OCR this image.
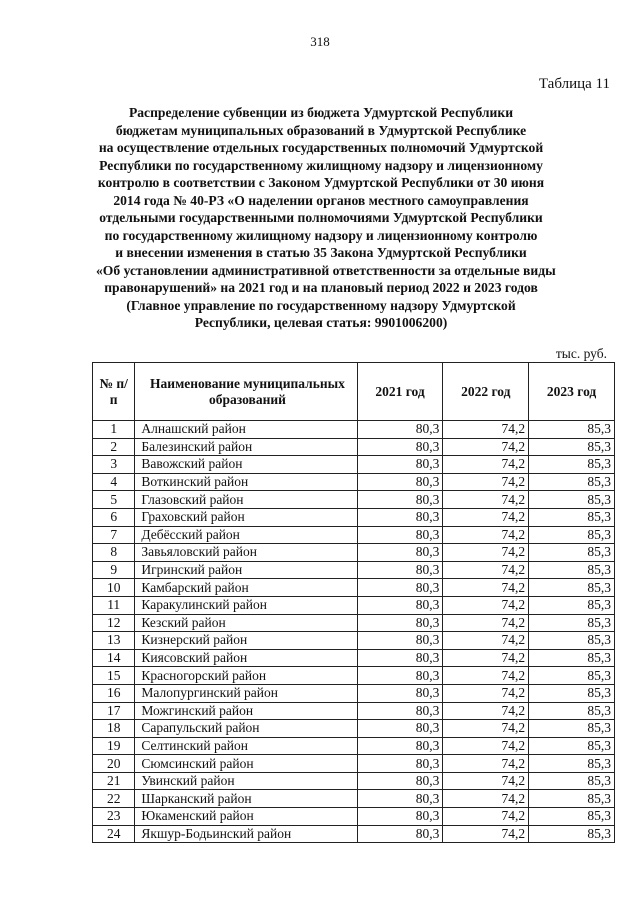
318
Таблица 11
Распределение субвенции из бюджета Удмуртской Республики
бюджетам муниципальных образований в Удмуртской Республике
на осуществление отдельных государственных полномочий Удмуртской
Республики по государственному жилищному надзору и лицензионному
контролю в соответствии с Законом Удмуртской Республики от 30 июня
2014 года № 40-РЗ «О наделении органов местного самоуправления
отдельными государственными полномочиями Удмуртской Республики
по государственному жилищному надзору и лицензионному контролю
и внесении изменения в статью 35 Закона Удмуртской Республики
«Об установлении административной ответственности за отдельные виды
правонарушений» на 2021 год и на плановый период 2022 и 2023 годов
(Главное управление по государственному надзору Удмуртской
Республики, целевая статья: 9901006200)
тыс. руб.
№ п/п	Наименование муниципальных образований	2021 год	2022 год	2023 год
1	Алнашский район	80,3	74,2	85,3
2	Балезинский район	80,3	74,2	85,3
3	Вавожский район	80,3	74,2	85,3
4	Воткинский район	80,3	74,2	85,3
5	Глазовский район	80,3	74,2	85,3
6	Граховский район	80,3	74,2	85,3
7	Дебёсский район	80,3	74,2	85,3
8	Завьяловский район	80,3	74,2	85,3
9	Игринский район	80,3	74,2	85,3
10	Камбарский район	80,3	74,2	85,3
11	Каракулинский район	80,3	74,2	85,3
12	Кезский район	80,3	74,2	85,3
13	Кизнерский район	80,3	74,2	85,3
14	Киясовский район	80,3	74,2	85,3
15	Красногорский район	80,3	74,2	85,3
16	Малопургинский район	80,3	74,2	85,3
17	Можгинский район	80,3	74,2	85,3
18	Сарапульский район	80,3	74,2	85,3
19	Селтинский район	80,3	74,2	85,3
20	Сюмсинский район	80,3	74,2	85,3
21	Увинский район	80,3	74,2	85,3
22	Шарканский район	80,3	74,2	85,3
23	Юкаменский район	80,3	74,2	85,3
24	Якшур-Бодьинский район	80,3	74,2	85,3
